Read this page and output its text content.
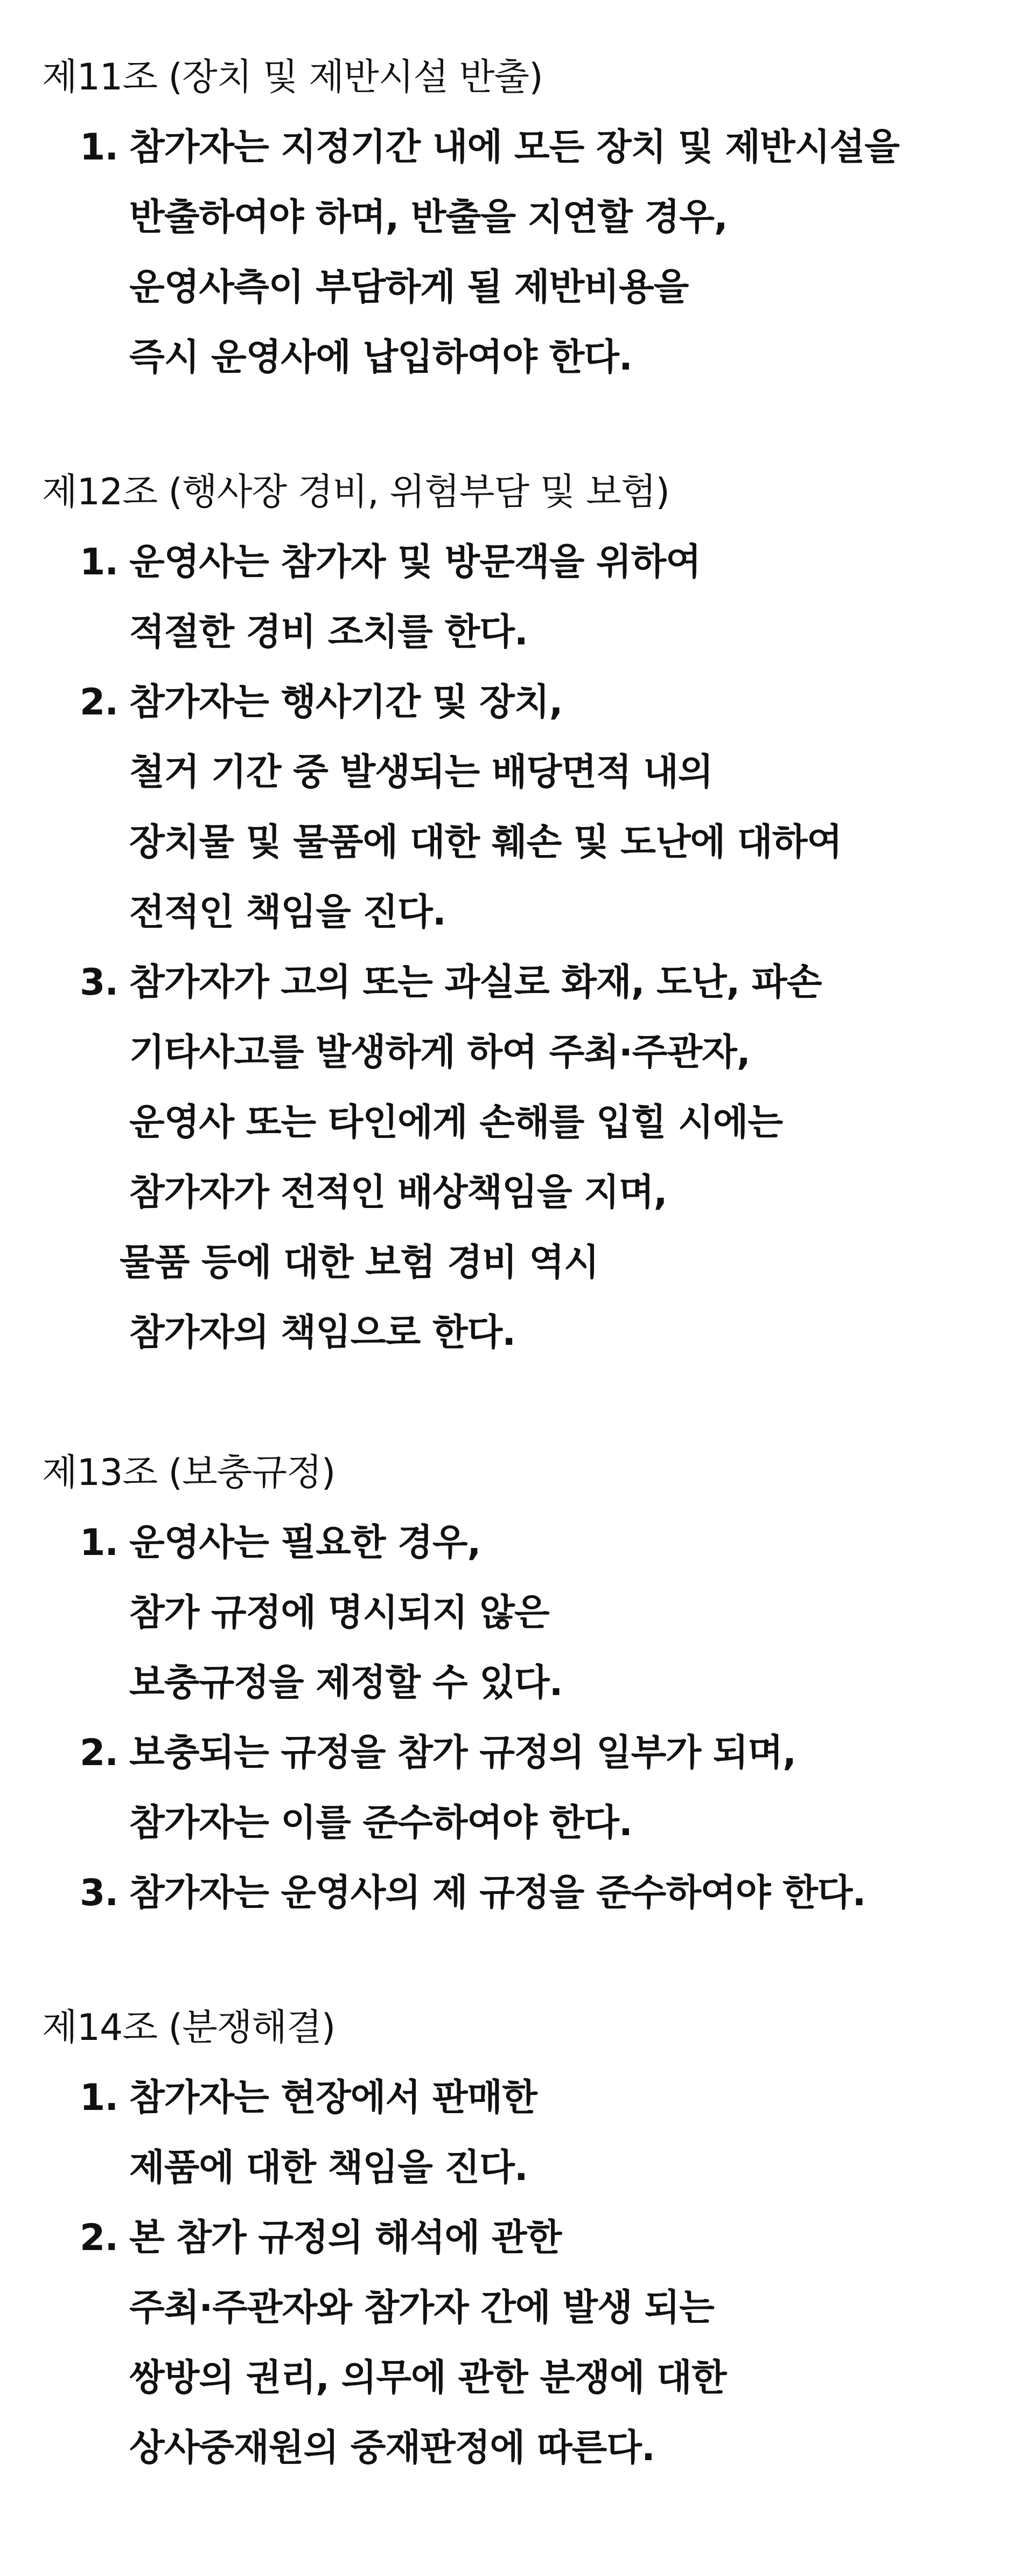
제11조 (장치 및 제반시설 반출)

1. 참가자는 지정기간 내에 모든 장치 및 제반시설을

반출하여야 하며, 반출을 지연할 경우,

운영사측이 부담하게 될 제반비용을

즉시 운영사에 납입하여야 한다.

제12조 (행사장 경비, 위험부담 및 보험)

1. 운영사는 참가자 및 방문객을 위하여

적절한 경비 조치를 한다.

2. 참가자는 행사기간 및 장치,

철거 기간 중 발생되는 배당면적 내의

장치물 및 물품에 대한 훼손 및 도난에 대하여

전적인 책임을 진다.

3. 참가자가 고의 또는 과실로 화재, 도난, 파손

기타사고를 발생하게 하여 주최·주관자,

운영사 또는 타인에게 손해를 입힐 시에는

참가자가 전적인 배상책임을 지며,

물품 등에 대한 보험 경비 역시

참가자의 책임으로 한다.

제13조 (보충규정)

1. 운영사는 필요한 경우,

참가 규정에 명시되지 않은

보충규정을 제정할 수 있다.

2. 보충되는 규정을 참가 규정의 일부가 되며,

참가자는 이를 준수하여야 한다.

3. 참가자는 운영사의 제 규정을 준수하여야 한다.

제14조 (분쟁해결)

1. 참가자는 현장에서 판매한

제품에 대한 책임을 진다.

2. 본 참가 규정의 해석에 관한

주최·주관자와 참가자 간에 발생 되는

쌍방의 권리, 의무에 관한 분쟁에 대한

상사중재원의 중재판정에 따른다.
